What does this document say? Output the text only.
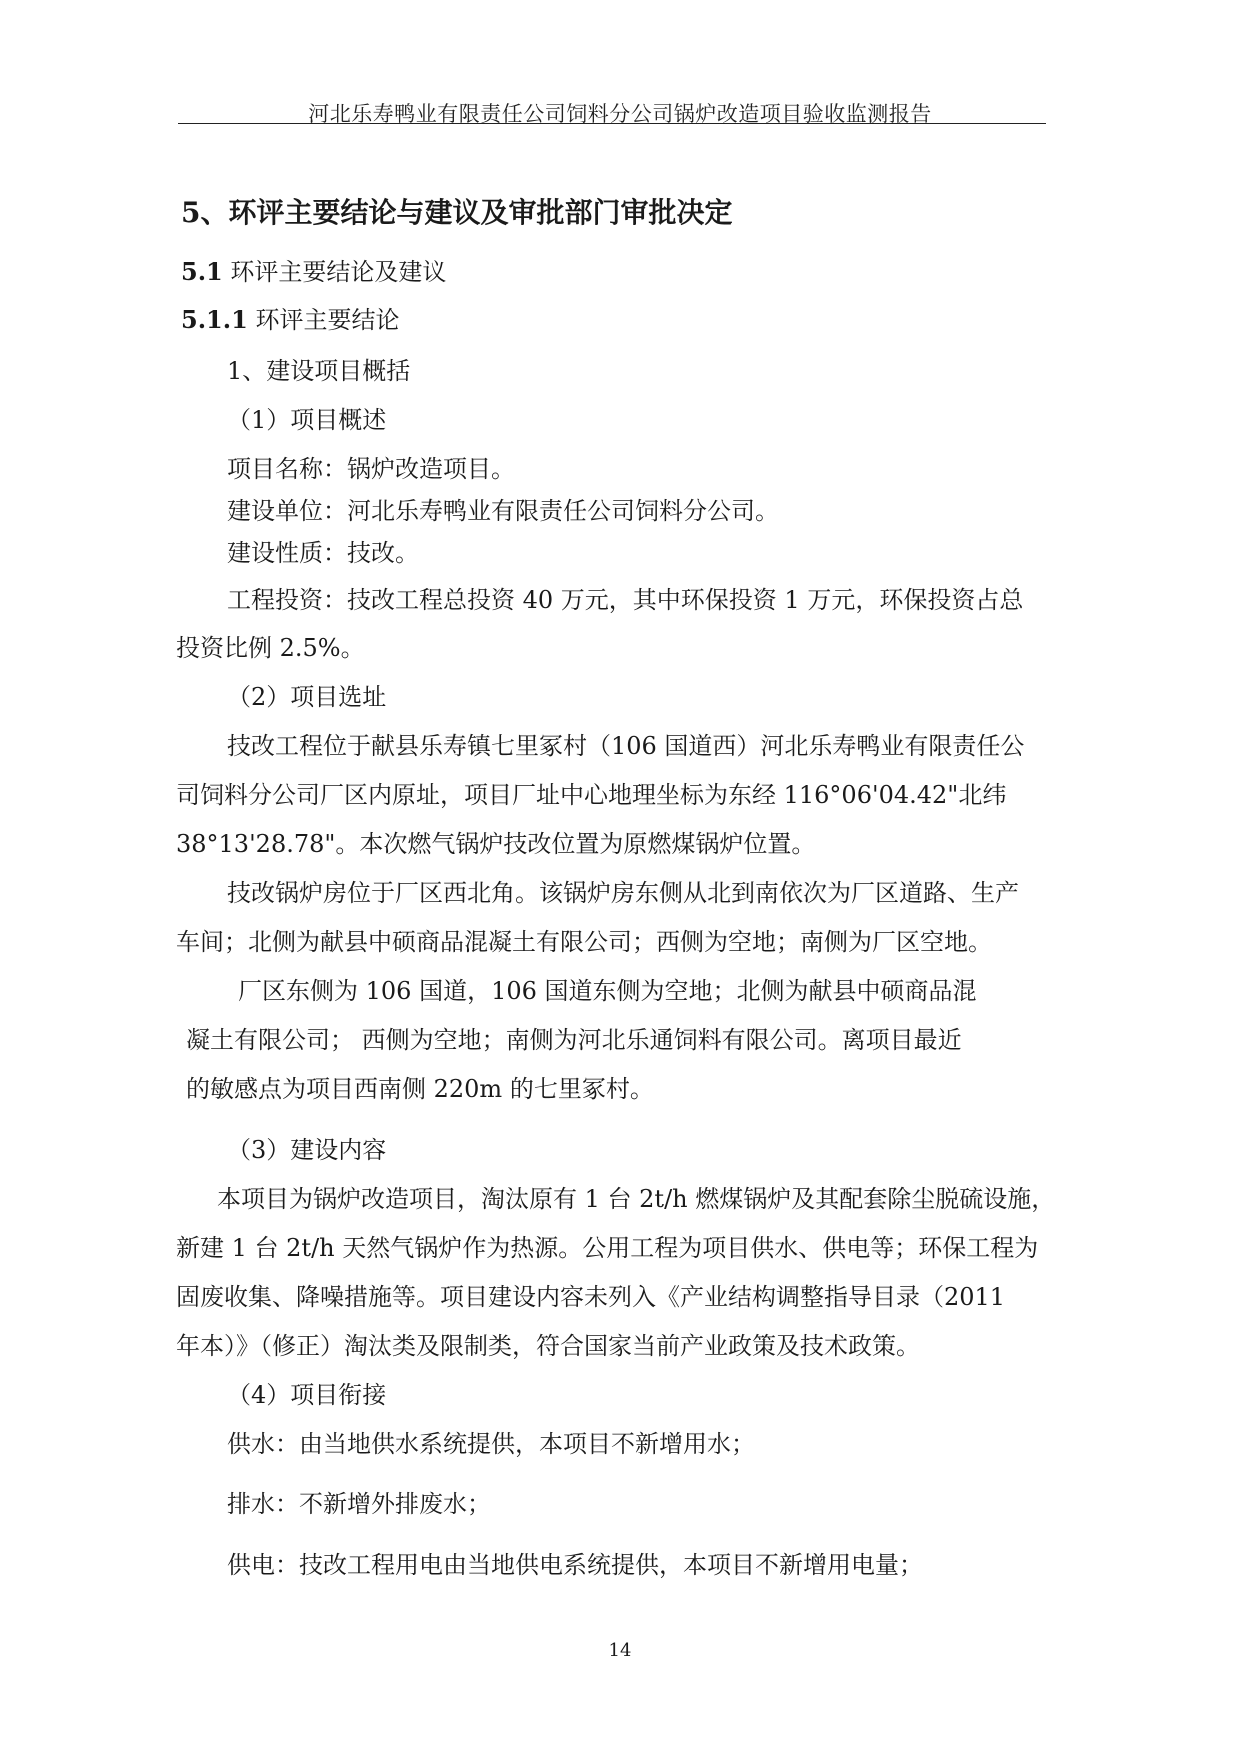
河北乐寿鸭业有限责任公司饲料分公司锅炉改造项目验收监测报告
5、环评主要结论与建议及审批部门审批决定
5.1 环评主要结论及建议
5.1.1 环评主要结论
1、建设项目概括
（1）项目概述
项目名称：锅炉改造项目。
建设单位：河北乐寿鸭业有限责任公司饲料分公司。
建设性质：技改。
工程投资：技改工程总投资 40 万元，其中环保投资 1 万元，环保投资占总
投资比例 2.5%。
（2）项目选址
技改工程位于献县乐寿镇七里冢村（106 国道西）河北乐寿鸭业有限责任公
司饲料分公司厂区内原址，项目厂址中心地理坐标为东经 116°06'04.42"北纬
38°13'28.78"。本次燃气锅炉技改位置为原燃煤锅炉位置。
技改锅炉房位于厂区西北角。该锅炉房东侧从北到南依次为厂区道路、生产
车间；北侧为献县中硕商品混凝土有限公司；西侧为空地；南侧为厂区空地。
厂区东侧为 106 国道，106 国道东侧为空地；北侧为献县中硕商品混
凝土有限公司； 西侧为空地；南侧为河北乐通饲料有限公司。离项目最近
的敏感点为项目西南侧 220m 的七里冢村。
（3）建设内容
本项目为锅炉改造项目，淘汰原有 1 台 2t/h 燃煤锅炉及其配套除尘脱硫设施，
新建 1 台 2t/h 天然气锅炉作为热源。公用工程为项目供水、供电等；环保工程为
固废收集、降噪措施等。项目建设内容未列入《产业结构调整指导目录（2011
年本）》（修正）淘汰类及限制类，符合国家当前产业政策及技术政策。
（4）项目衔接
供水：由当地供水系统提供，本项目不新增用水；
排水：不新增外排废水；
供电：技改工程用电由当地供电系统提供，本项目不新增用电量；
14
